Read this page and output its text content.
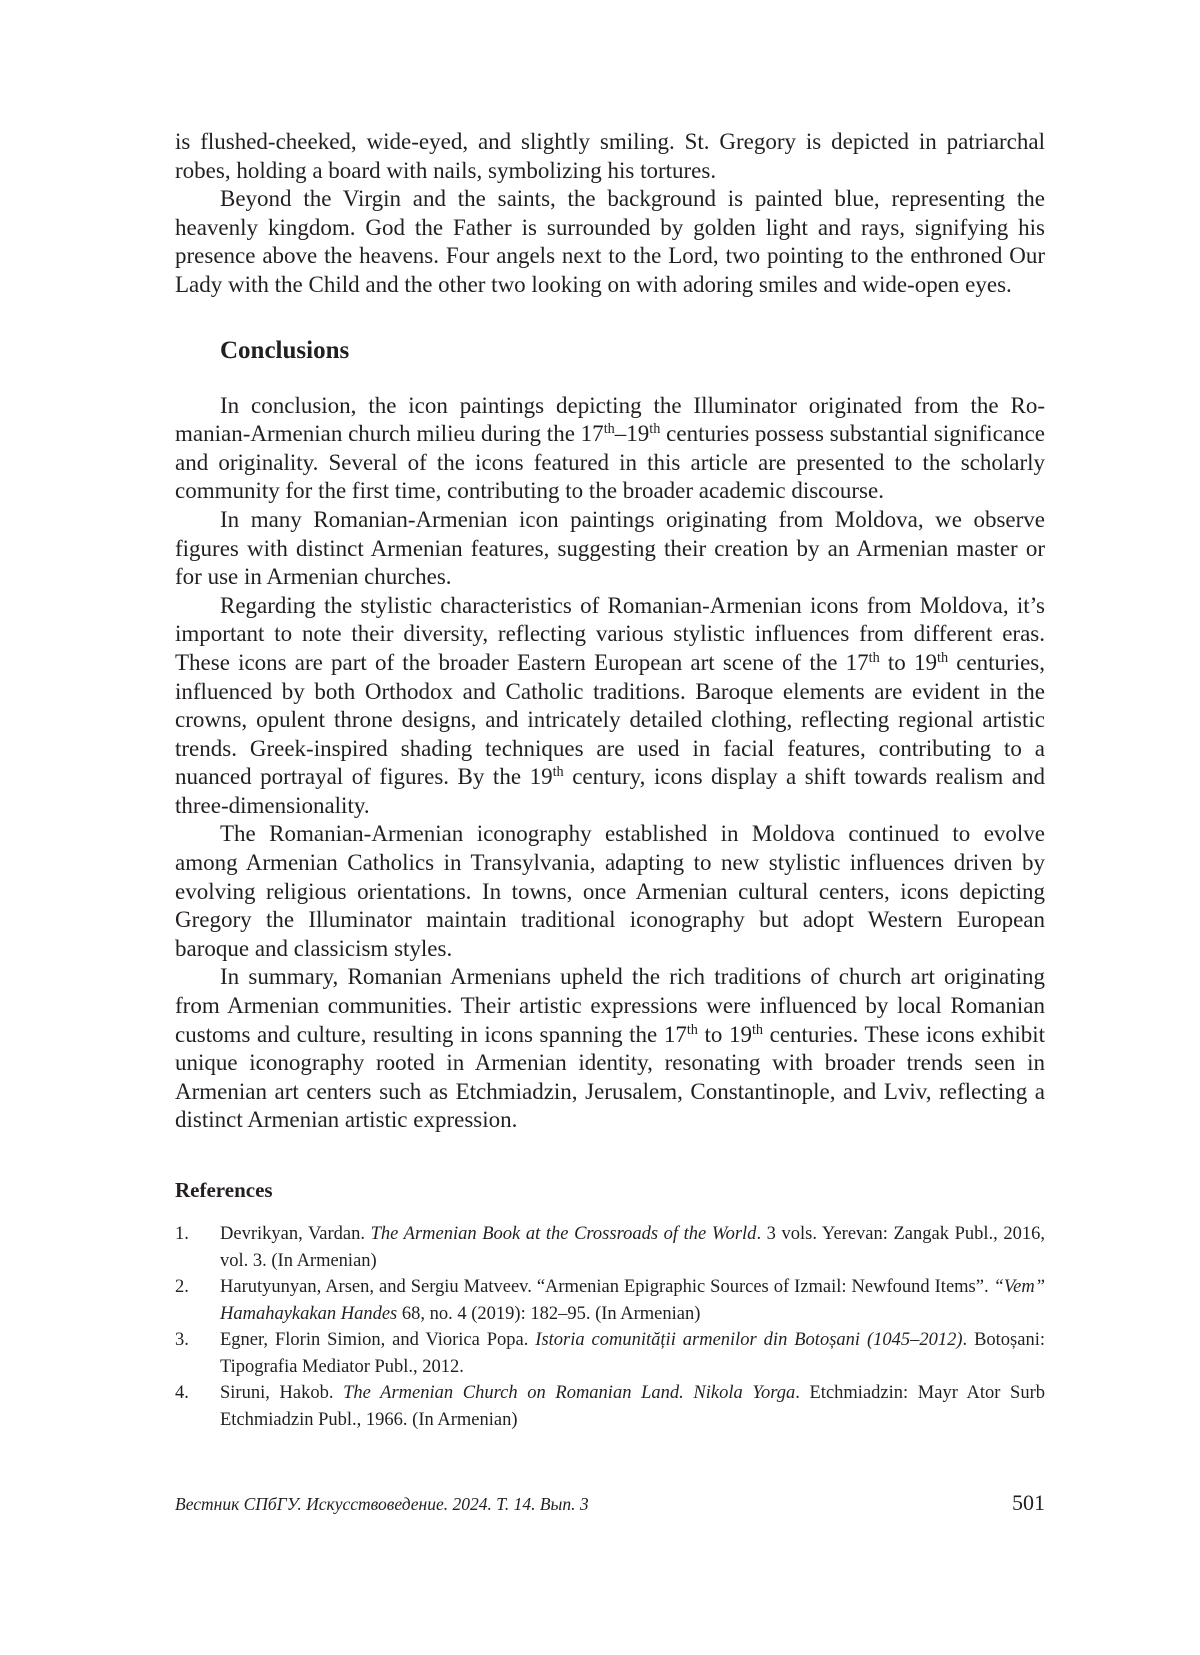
is flushed-cheeked, wide-eyed, and slightly smiling. St. Gregory is depicted in patriarchal robes, holding a board with nails, symbolizing his tortures.

Beyond the Virgin and the saints, the background is painted blue, representing the heavenly kingdom. God the Father is surrounded by golden light and rays, signifying his presence above the heavens. Four angels next to the Lord, two pointing to the enthroned Our Lady with the Child and the other two looking on with adoring smiles and wide-open eyes.

Conclusions

In conclusion, the icon paintings depicting the Illuminator originated from the Romanian-Armenian church milieu during the 17th–19th centuries possess substantial significance and originality. Several of the icons featured in this article are presented to the scholarly community for the first time, contributing to the broader academic discourse.

In many Romanian-Armenian icon paintings originating from Moldova, we observe figures with distinct Armenian features, suggesting their creation by an Armenian master or for use in Armenian churches.

Regarding the stylistic characteristics of Romanian-Armenian icons from Moldova, it’s important to note their diversity, reflecting various stylistic influences from different eras. These icons are part of the broader Eastern European art scene of the 17th to 19th centuries, influenced by both Orthodox and Catholic traditions. Baroque elements are evident in the crowns, opulent throne designs, and intricately detailed clothing, reflecting regional artistic trends. Greek-inspired shading techniques are used in facial features, contributing to a nuanced portrayal of figures. By the 19th century, icons display a shift towards realism and three-dimensionality.

The Romanian-Armenian iconography established in Moldova continued to evolve among Armenian Catholics in Transylvania, adapting to new stylistic influences driven by evolving religious orientations. In towns, once Armenian cultural centers, icons depicting Gregory the Illuminator maintain traditional iconography but adopt Western European baroque and classicism styles.

In summary, Romanian Armenians upheld the rich traditions of church art originating from Armenian communities. Their artistic expressions were influenced by local Romanian customs and culture, resulting in icons spanning the 17th to 19th centuries. These icons exhibit unique iconography rooted in Armenian identity, resonating with broader trends seen in Armenian art centers such as Etchmiadzin, Jerusalem, Constantinople, and Lviv, reflecting a distinct Armenian artistic expression.

References
1. Devrikyan, Vardan. The Armenian Book at the Crossroads of the World. 3 vols. Yerevan: Zangak Publ., 2016, vol. 3. (In Armenian)
2. Harutyunyan, Arsen, and Sergiu Matveev. “Armenian Epigraphic Sources of Izmail: Newfound Items”. “Vem” Hamahaykakan Handes 68, no. 4 (2019): 182–95. (In Armenian)
3. Egner, Florin Simion, and Viorica Popa. Istoria comunității armenilor din Botoșani (1045–2012). Botoșani: Tipografia Mediator Publ., 2012.
4. Siruni, Hakob. The Armenian Church on Romanian Land. Nikola Yorga. Etchmiadzin: Mayr Ator Surb Etchmiadzin Publ., 1966. (In Armenian)
Вестник СПбГУ. Искусствоведение. 2024. Т. 14. Вып. 3	501
